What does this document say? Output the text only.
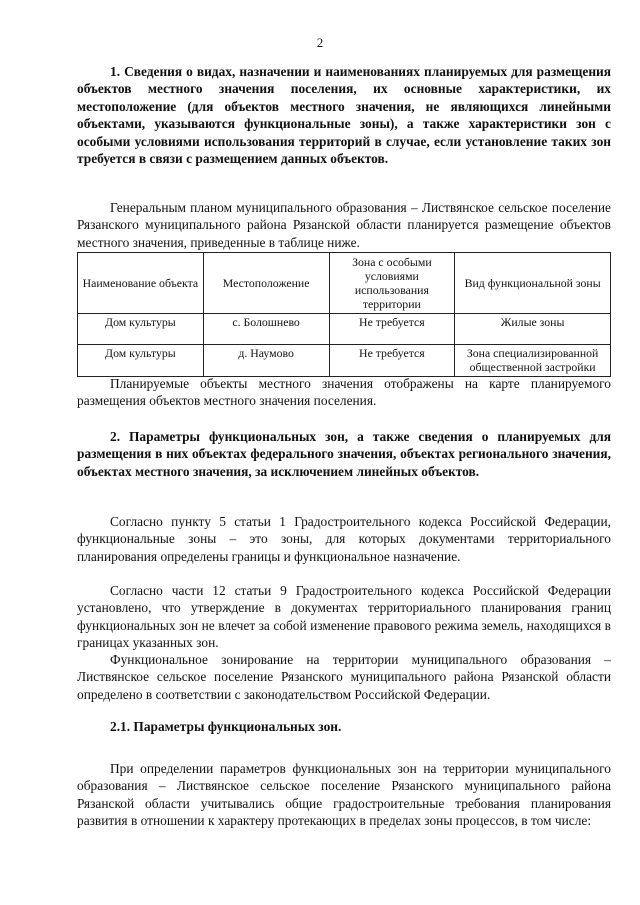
2
1. Сведения о видах, назначении и наименованиях планируемых для размещения объектов местного значения поселения, их основные характеристики, их местоположение (для объектов местного значения, не являющихся линейными объектами, указываются функциональные зоны), а также характеристики зон с особыми условиями использования территорий в случае, если установление таких зон требуется в связи с размещением данных объектов.
Генеральным планом муниципального образования – Листвянское сельское поселение Рязанского муниципального района Рязанской области планируется размещение объектов местного значения, приведенные в таблице ниже.
Наименование объекта	Местоположение	Зона с особыми условиями использования территории	Вид функциональной зоны
Дом культуры	с. Болошнево	Не требуется	Жилые зоны
Дом культуры	д. Наумово	Не требуется	Зона специализированной общественной застройки
Планируемые объекты местного значения отображены на карте планируемого размещения объектов местного значения поселения.
2. Параметры функциональных зон, а также сведения о планируемых для размещения в них объектах федерального значения, объектах регионального значения, объектах местного значения, за исключением линейных объектов.
Согласно пункту 5 статьи 1 Градостроительного кодекса Российской Федерации, функциональные зоны – это зоны, для которых документами территориального планирования определены границы и функциональное назначение.
Согласно части 12 статьи 9 Градостроительного кодекса Российской Федерации установлено, что утверждение в документах территориального планирования границ функциональных зон не влечет за собой изменение правового режима земель, находящихся в границах указанных зон.
Функциональное зонирование на территории муниципального образования – Листвянское сельское поселение Рязанского муниципального района Рязанской области определено в соответствии с законодательством Российской Федерации.
2.1. Параметры функциональных зон.
При определении параметров функциональных зон на территории муниципального образования – Листвянское сельское поселение Рязанского муниципального района Рязанской области учитывались общие градостроительные требования планирования развития в отношении к характеру протекающих в пределах зоны процессов, в том числе:
